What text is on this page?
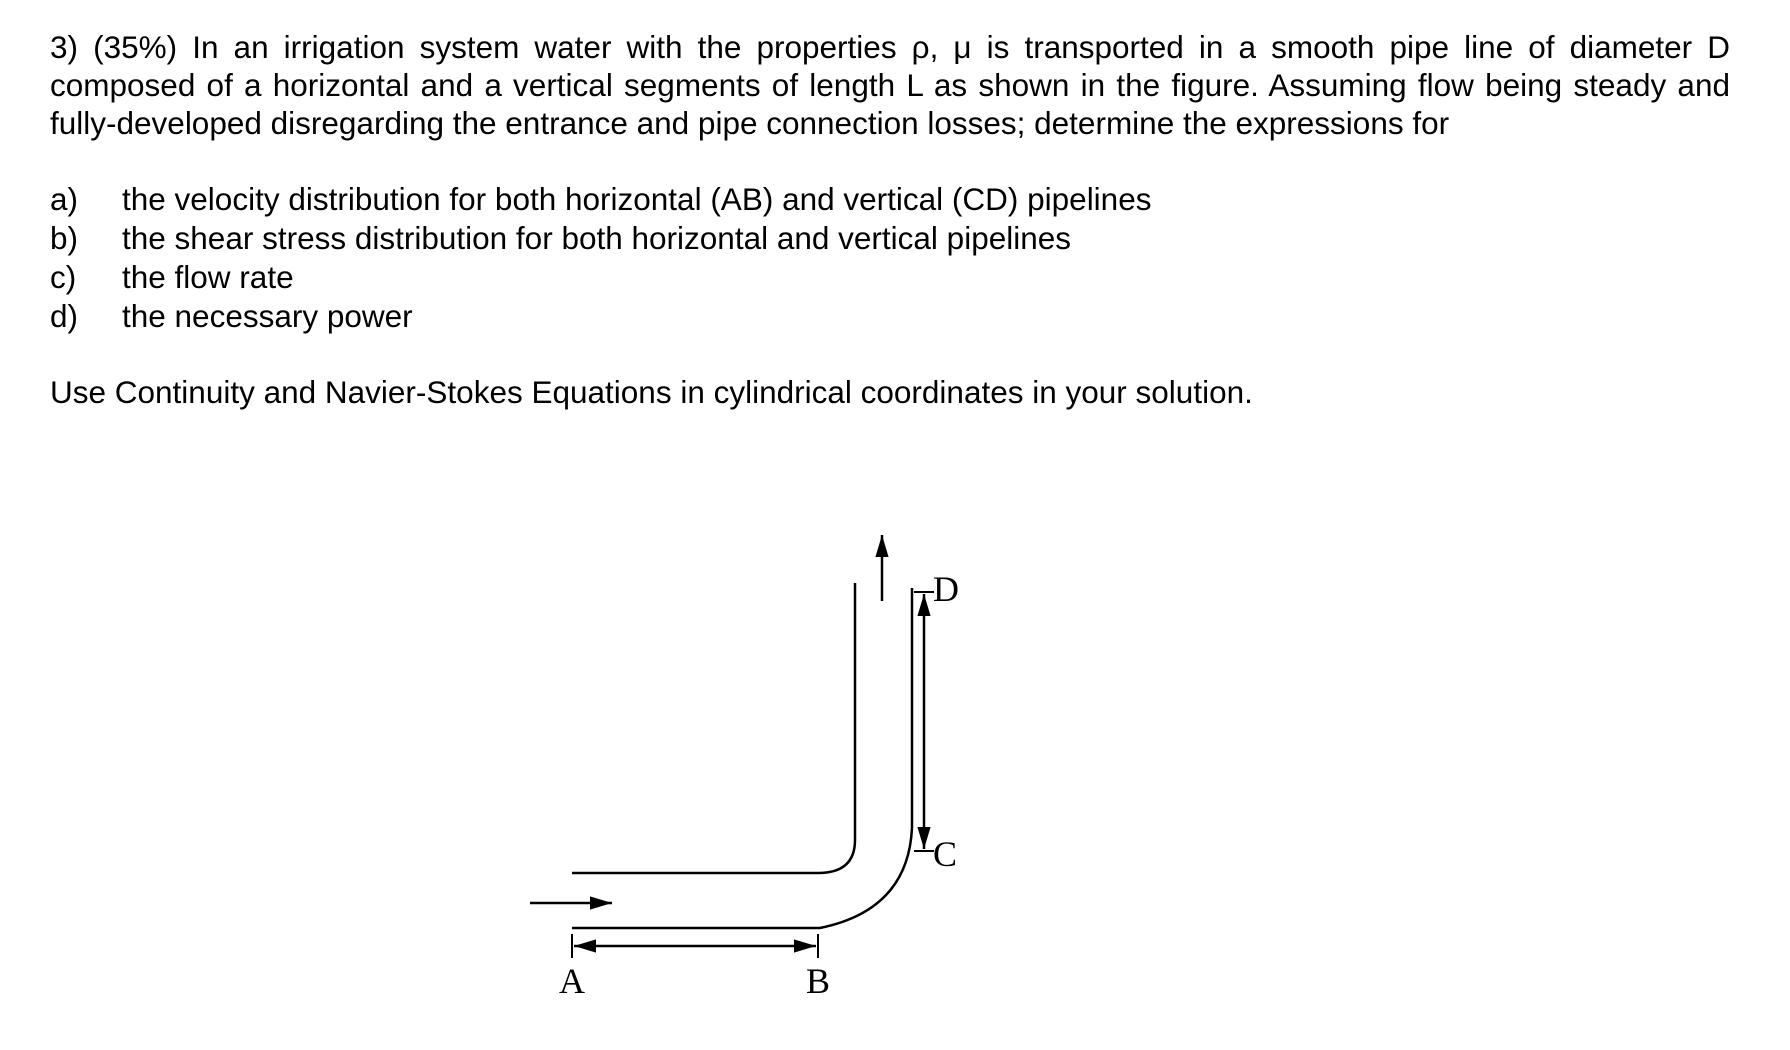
3) (35%) In an irrigation system water with the properties ρ, μ is transported in a smooth pipe line of diameter D composed of a horizontal and a vertical segments of length L as shown in the figure. Assuming flow being steady and fully-developed disregarding the entrance and pipe connection losses; determine the expressions for
a) the velocity distribution for both horizontal (AB) and vertical (CD) pipelines
b) the shear stress distribution for both horizontal and vertical pipelines
c) the flow rate
d) the necessary power
Use Continuity and Navier-Stokes Equations in cylindrical coordinates in your solution.
A	B
C
D
